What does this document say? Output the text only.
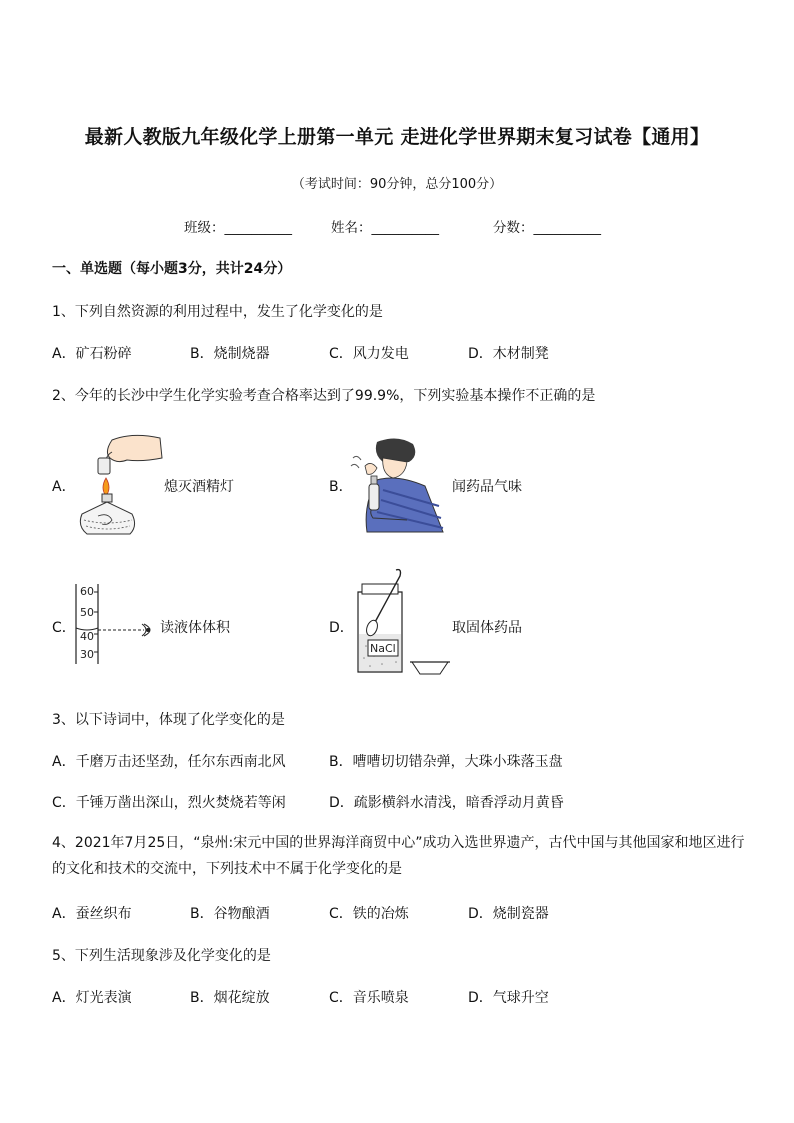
最新人教版九年级化学上册第一单元 走进化学世界期末复习试卷【通用】
（考试时间：90分钟，总分100分）
班级：__________	姓名：__________	分数：__________
一、单选题（每小题3分，共计24分）
1、下列自然资源的利用过程中，发生了化学变化的是
A．矿石粉碎	B．烧制烧器	C．风力发电	D．木材制凳
2、今年的长沙中学生化学实验考查合格率达到了99.9%，下列实验基本操作不正确的是
A．	熄灭酒精灯	B．	闻药品气味
C．
60
50
40
30
读液体体积	D．
NaCl
取固体药品
3、以下诗词中，体现了化学变化的是
A．千磨万击还坚劲，任尔东西南北风	B．嘈嘈切切错杂弹，大珠小珠落玉盘
C．千锤万凿出深山，烈火焚烧若等闲	D．疏影横斜水清浅，暗香浮动月黄昏
4、2021年7月25日，“泉州:宋元中国的世界海洋商贸中心”成功入选世界遗产，古代中国与其他国家和地区进行的文化和技术的交流中，下列技术中不属于化学变化的是
A．蚕丝织布	B．谷物酿酒	C．铁的冶炼	D．烧制瓷器
5、下列生活现象涉及化学变化的是
A．灯光表演	B．烟花绽放	C．音乐喷泉	D．气球升空
